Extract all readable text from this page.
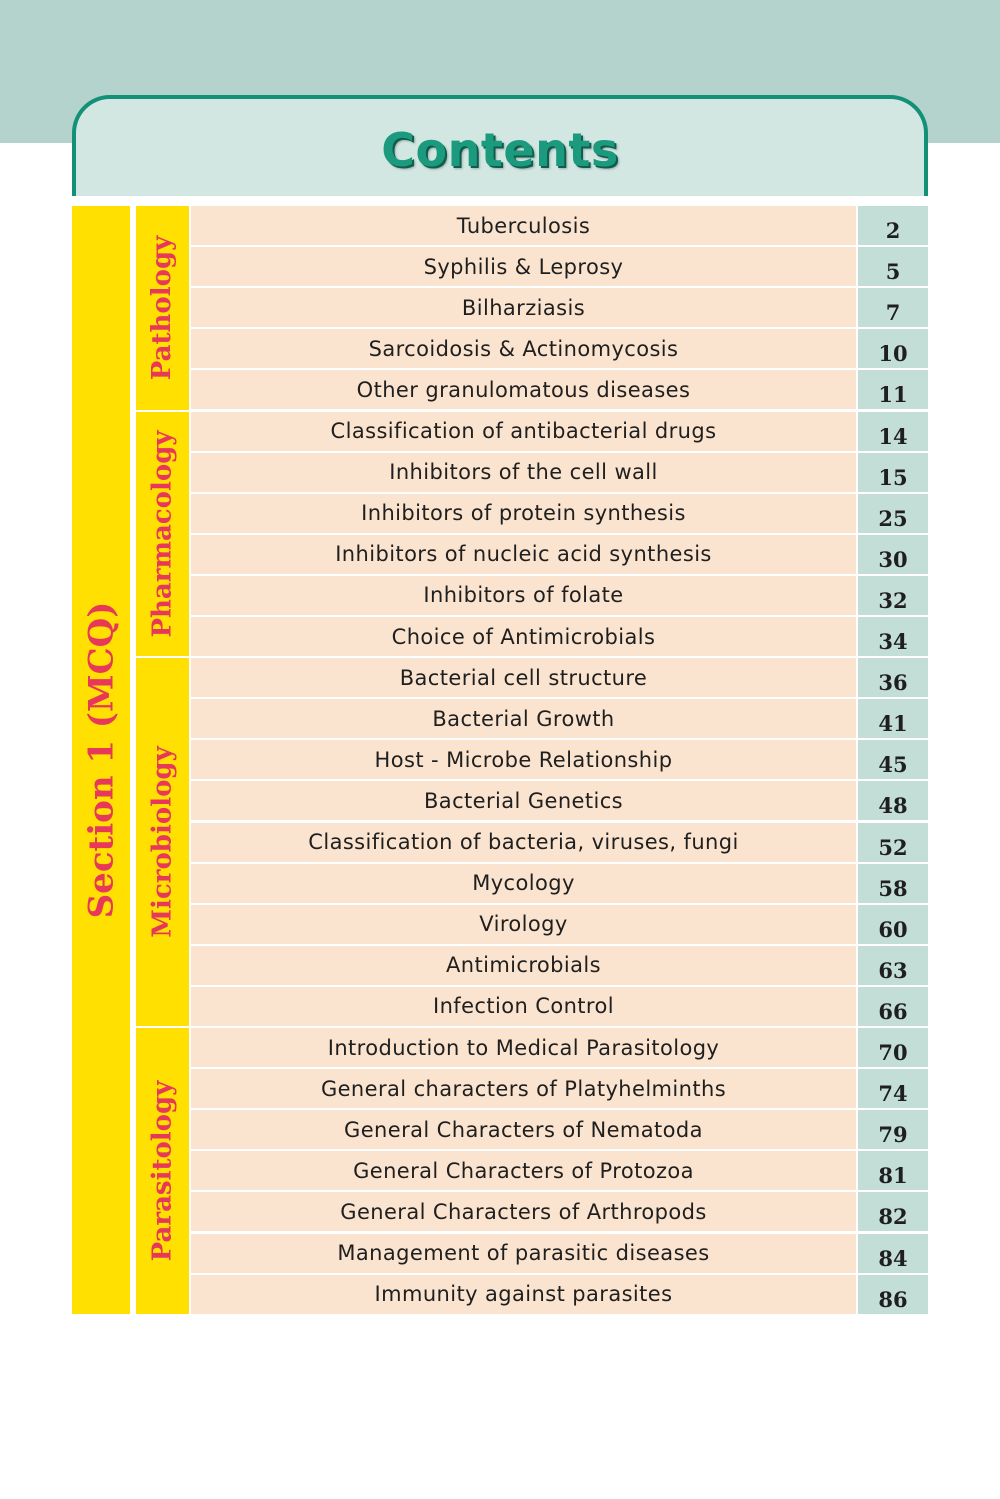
Contents
Section 1 (MCQ)
Pathology
Tuberculosis	2
Syphilis & Leprosy	5
Bilharziasis	7
Sarcoidosis & Actinomycosis	10
Other granulomatous diseases	11
Pharmacology	Classification of antibacterial drugs	14
Inhibitors of the cell wall	15
Inhibitors of protein synthesis	25
Inhibitors of nucleic acid synthesis	30
Inhibitors of folate	32
Choice of Antimicrobials	34
Microbiology
Bacterial cell structure	36
Bacterial Growth	41
Host - Microbe Relationship	45
Bacterial Genetics	48
Classification of bacteria, viruses, fungi	52
Mycology	58
Virology	60
Antimicrobials	63
Infection Control	66
Parasitology
Introduction to Medical Parasitology	70
General characters of Platyhelminths	74
General Characters of Nematoda	79
General Characters of Protozoa	81
General Characters of Arthropods	82
Management of parasitic diseases	84
Immunity against parasites	86
